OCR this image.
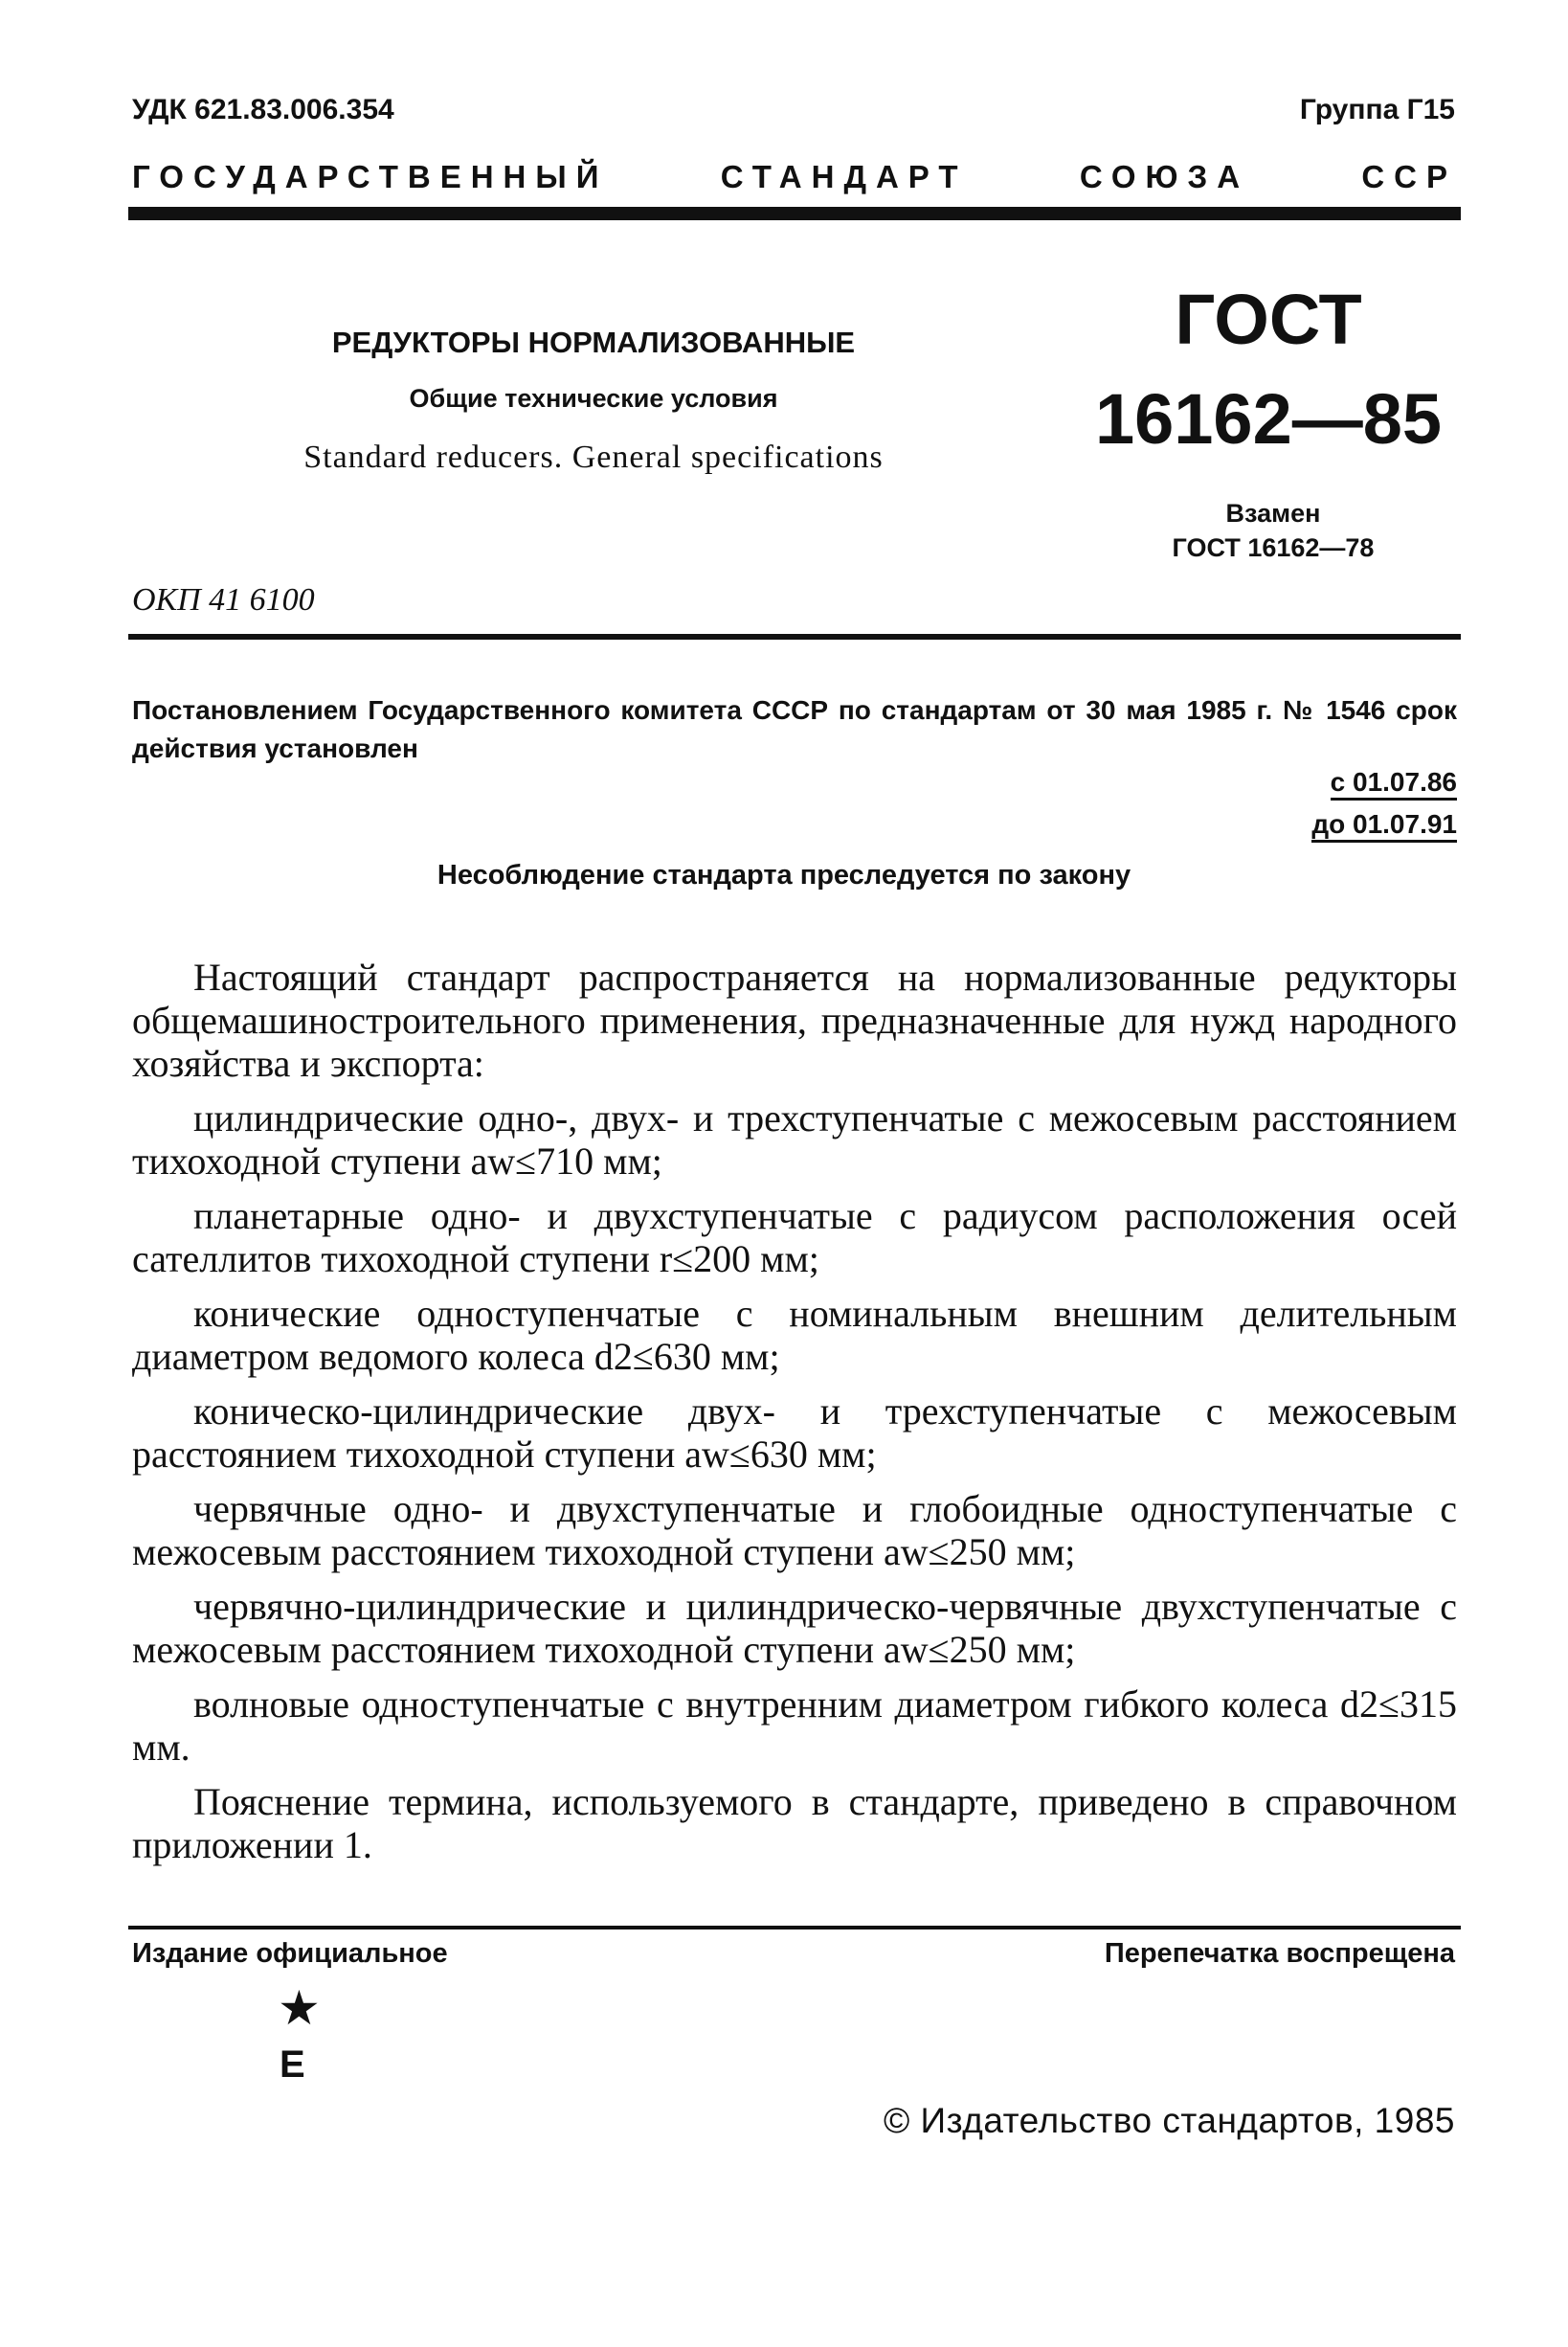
УДК 621.83.006.354	Группа Г15
ГОСУДАРСТВЕННЫЙ	СТАНДАРТ	СОЮЗА	ССР
РЕДУКТОРЫ НОРМАЛИЗОВАННЫЕ
Общие технические условия
Standard reducers. General specifications
ГОСТ
16162—85
Взамен
ГОСТ 16162—78
ОКП 41 6100
Постановлением Государственного комитета СССР по стандартам от 30 мая 1985 г. № 1546 срок действия установлен
с 01.07.86
до 01.07.91
Несоблюдение стандарта преследуется по закону

Настоящий стандарт распространяется на нормализованные редукторы общемашиностроительного применения, предназначенные для нужд народного хозяйства и экспорта:

цилиндрические одно-, двух- и трехступенчатые с межосевым расстоянием тихоходной ступени aw≤710 мм;

планетарные одно- и двухступенчатые с радиусом расположения осей сателлитов тихоходной ступени r≤200 мм;

конические одноступенчатые с номинальным внешним делительным диаметром ведомого колеса d2≤630 мм;

коническо-цилиндрические двух- и трехступенчатые с межосевым расстоянием тихоходной ступени aw≤630 мм;

червячные одно- и двухступенчатые и глобоидные одноступенчатые с межосевым расстоянием тихоходной ступени aw≤250 мм;

червячно-цилиндрические и цилиндрическо-червячные двухступенчатые с межосевым расстоянием тихоходной ступени aw≤250 мм;

волновые одноступенчатые с внутренним диаметром гибкого колеса d2≤315 мм.

Пояснение термина, используемого в стандарте, приведено в справочном приложении 1.

Издание официальное	Перепечатка воспрещена
★
Е
© Издательство стандартов, 1985
